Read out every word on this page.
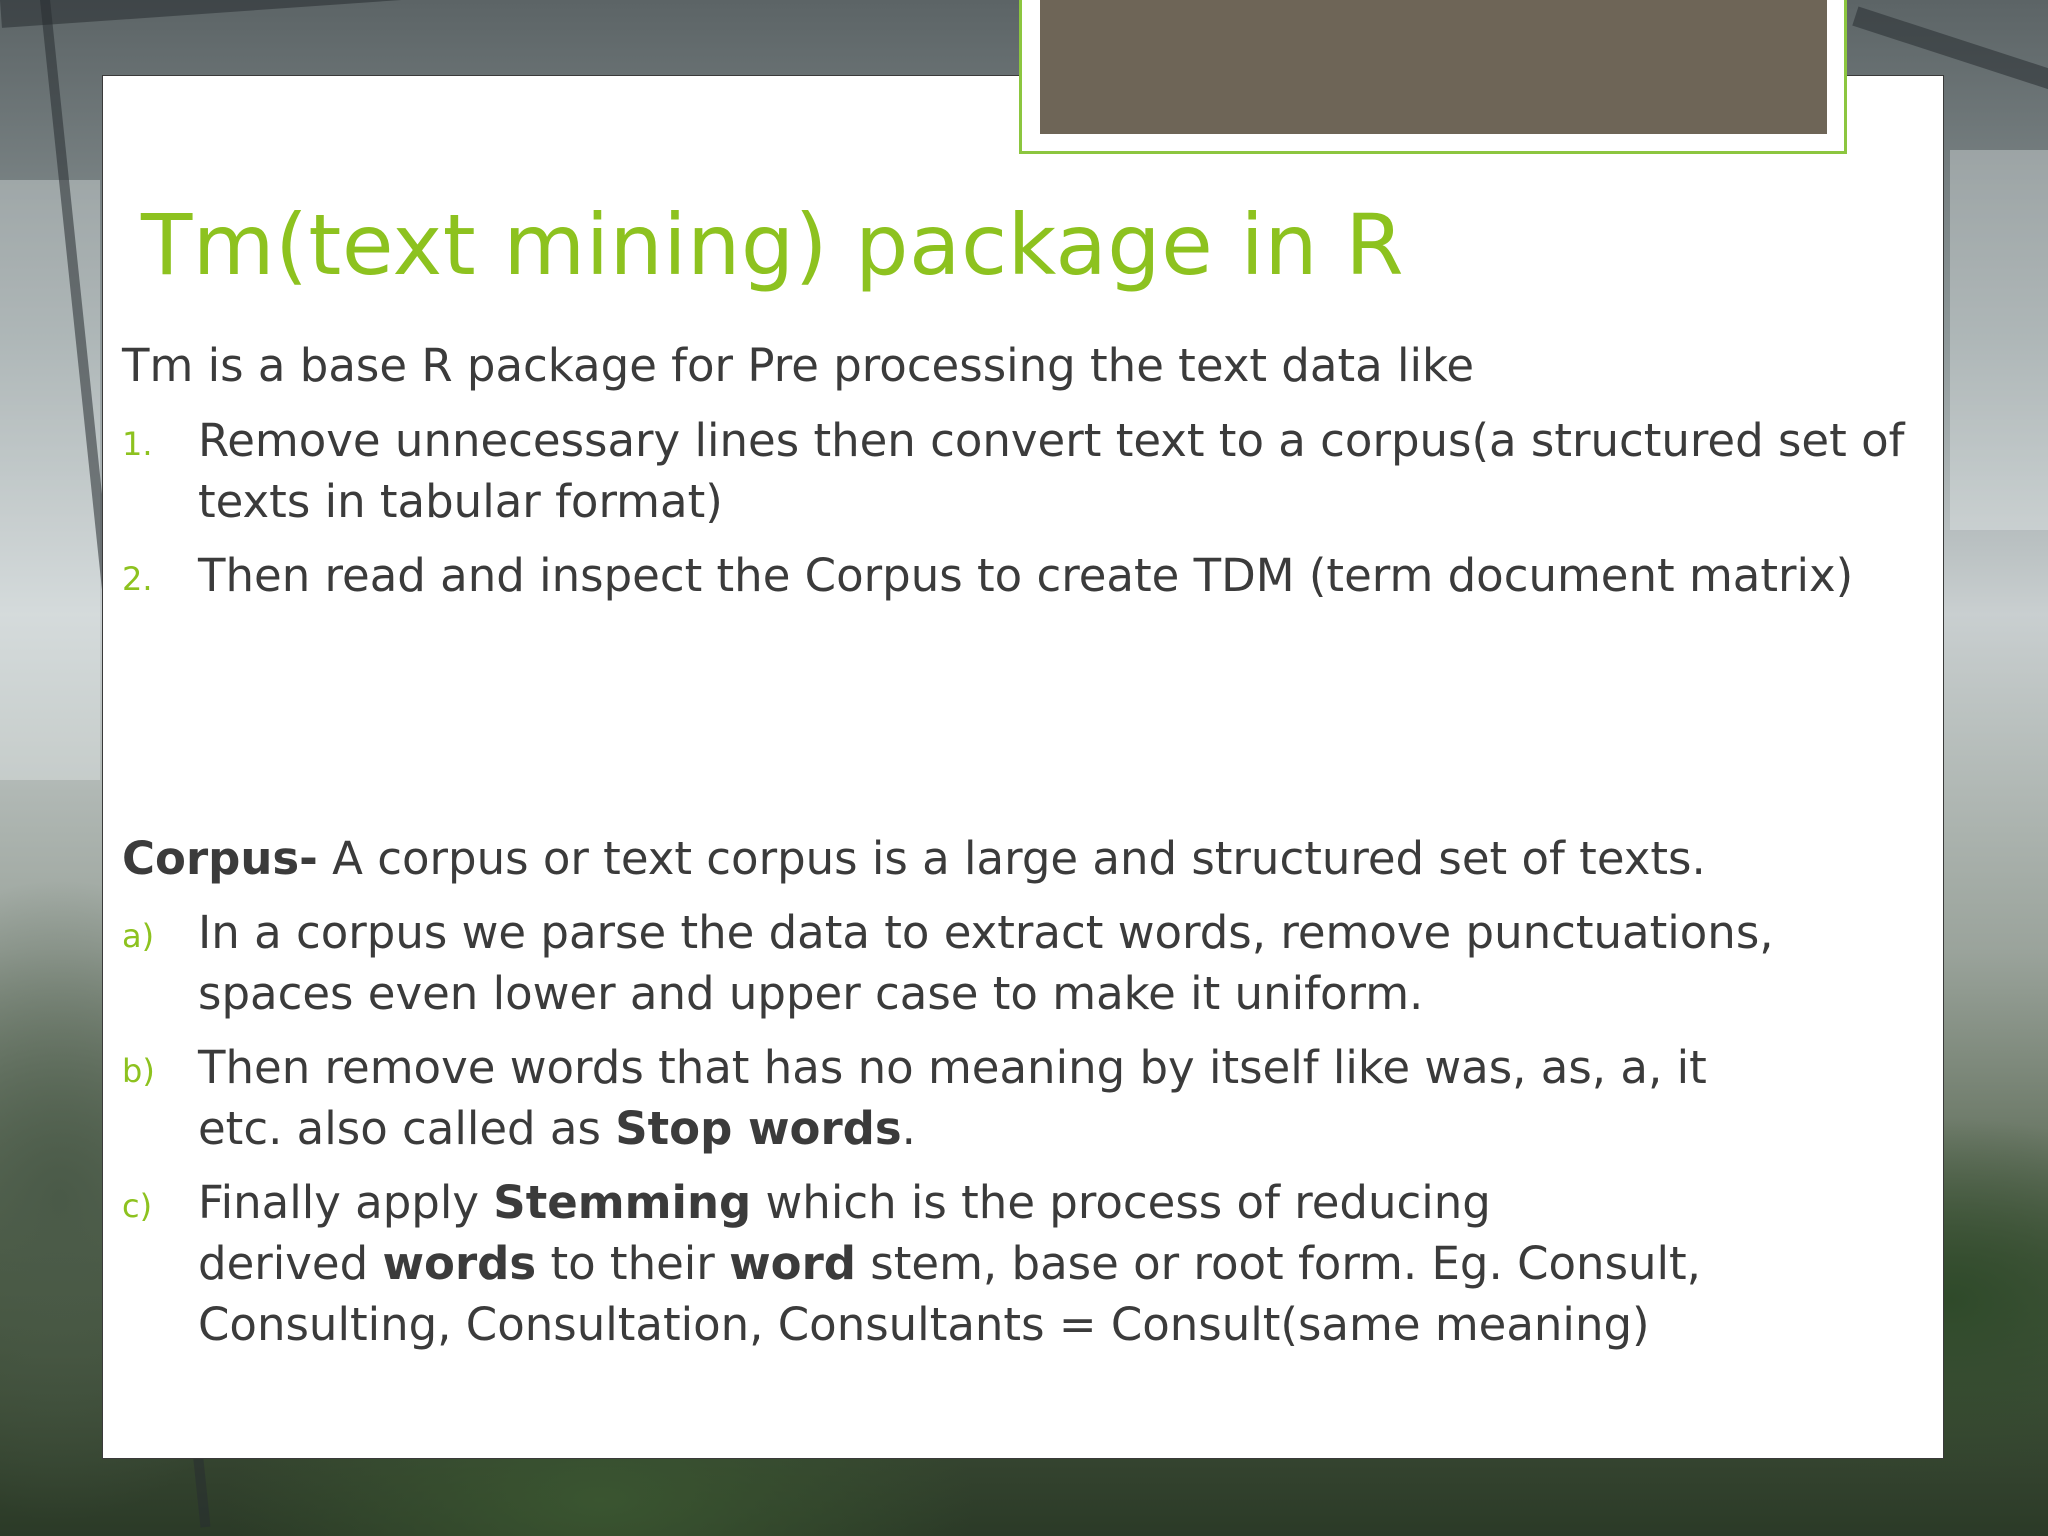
Tm(text mining) package in R

Tm is a base R package for Pre processing the text data like

1. Remove unnecessary lines then convert text to a corpus(a structured set of texts in tabular format)
2. Then read and inspect the Corpus to create TDM (term document matrix)

Corpus- A corpus or text corpus is a large and structured set of texts.

a) In a corpus we parse the data to extract words, remove punctuations, spaces even lower and upper case to make it uniform.
b) Then remove words that has no meaning by itself like was, as, a, it
etc. also called as Stop words.
c) Finally apply Stemming which is the process of reducing
derived words to their word stem, base or root form. Eg. Consult,
Consulting, Consultation, Consultants = Consult(same meaning)
